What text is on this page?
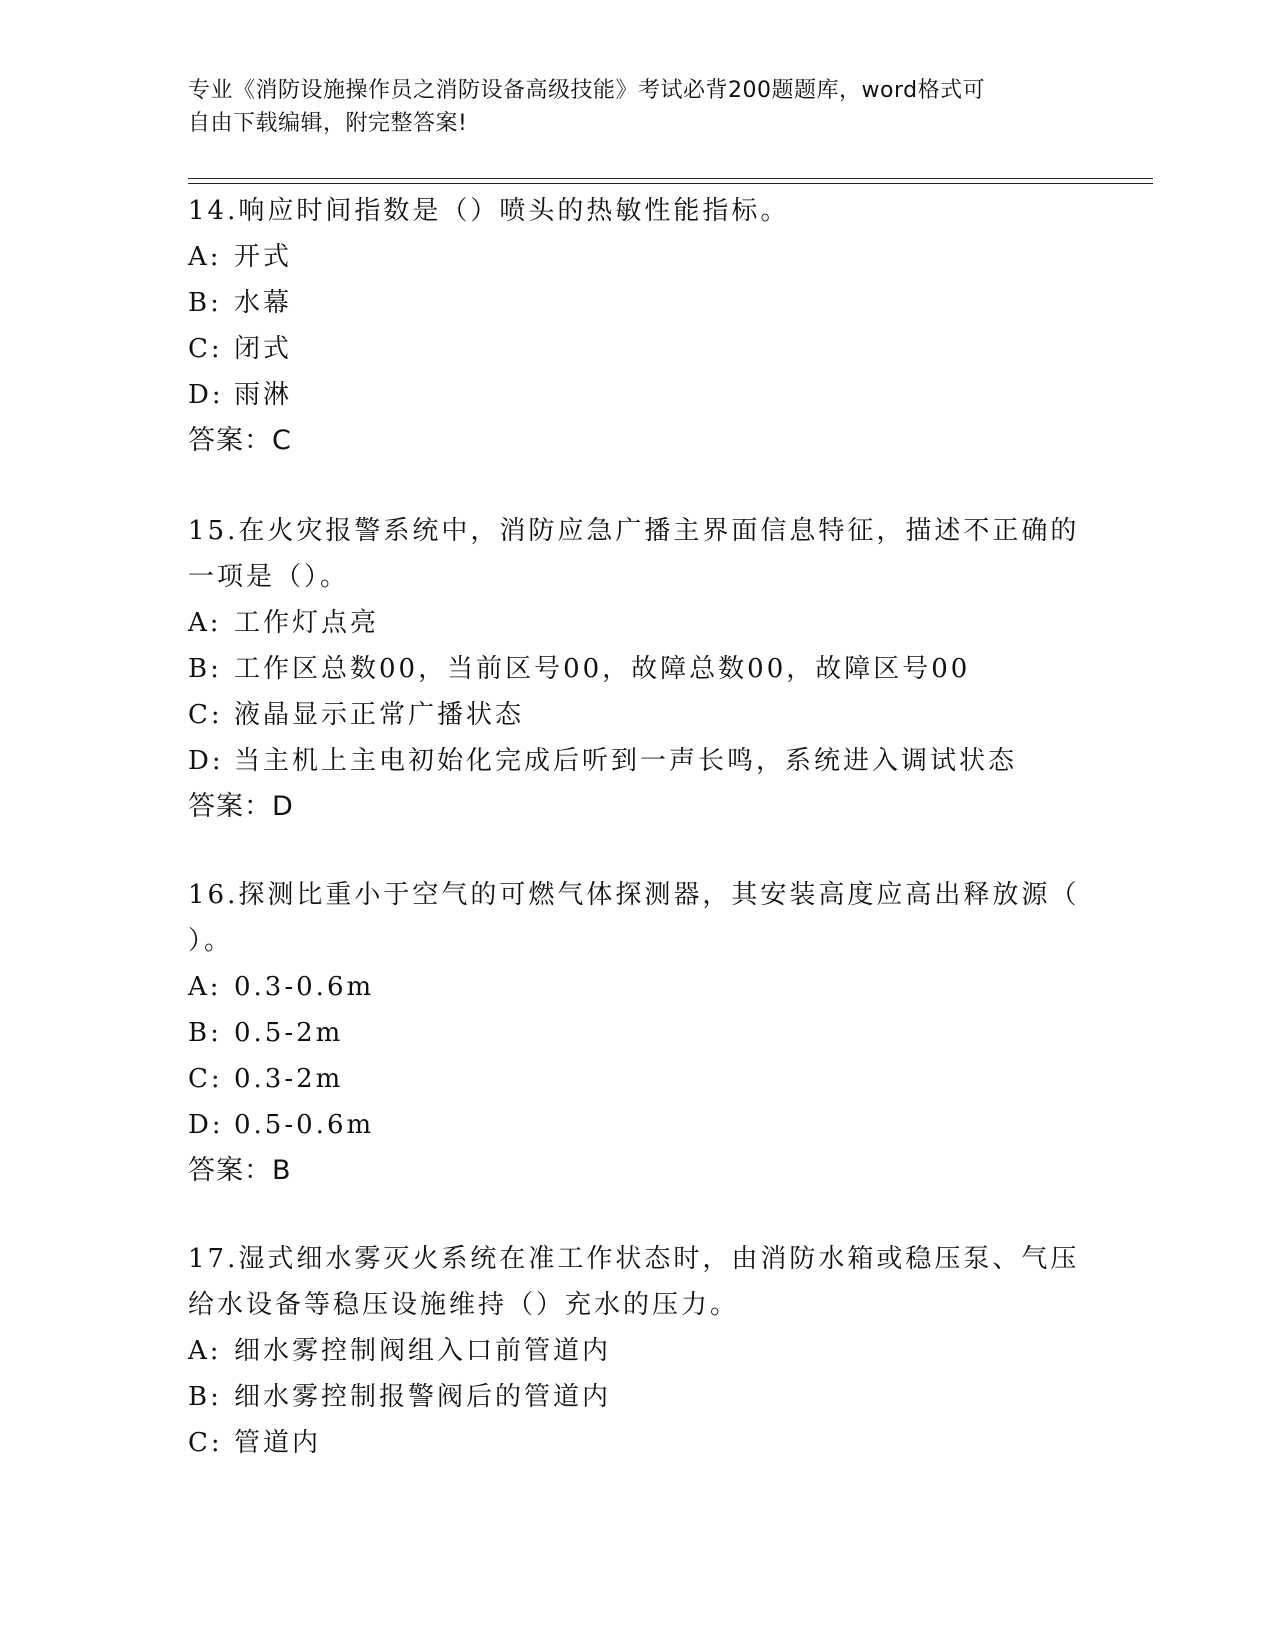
专业《消防设施操作员之消防设备高级技能》考试必背200题题库，word格式可
自由下载编辑，附完整答案!

14.响应时间指数是（）喷头的热敏性能指标。

A: 开式

B: 水幕

C: 闭式

D: 雨淋

答案：C

15.在火灾报警系统中，消防应急广播主界面信息特征，描述不正确的

一项是（）。

A: 工作灯点亮

B: 工作区总数00，当前区号00，故障总数00，故障区号00

C: 液晶显示正常广播状态

D: 当主机上主电初始化完成后听到一声长鸣，系统进入调试状态

答案：D

16.探测比重小于空气的可燃气体探测器，其安装高度应高出释放源（

）。

A: 0.3-0.6m

B: 0.5-2m

C: 0.3-2m

D: 0.5-0.6m

答案：B

17.湿式细水雾灭火系统在准工作状态时，由消防水箱或稳压泵、气压

给水设备等稳压设施维持（）充水的压力。

A: 细水雾控制阀组入口前管道内

B: 细水雾控制报警阀后的管道内

C: 管道内
